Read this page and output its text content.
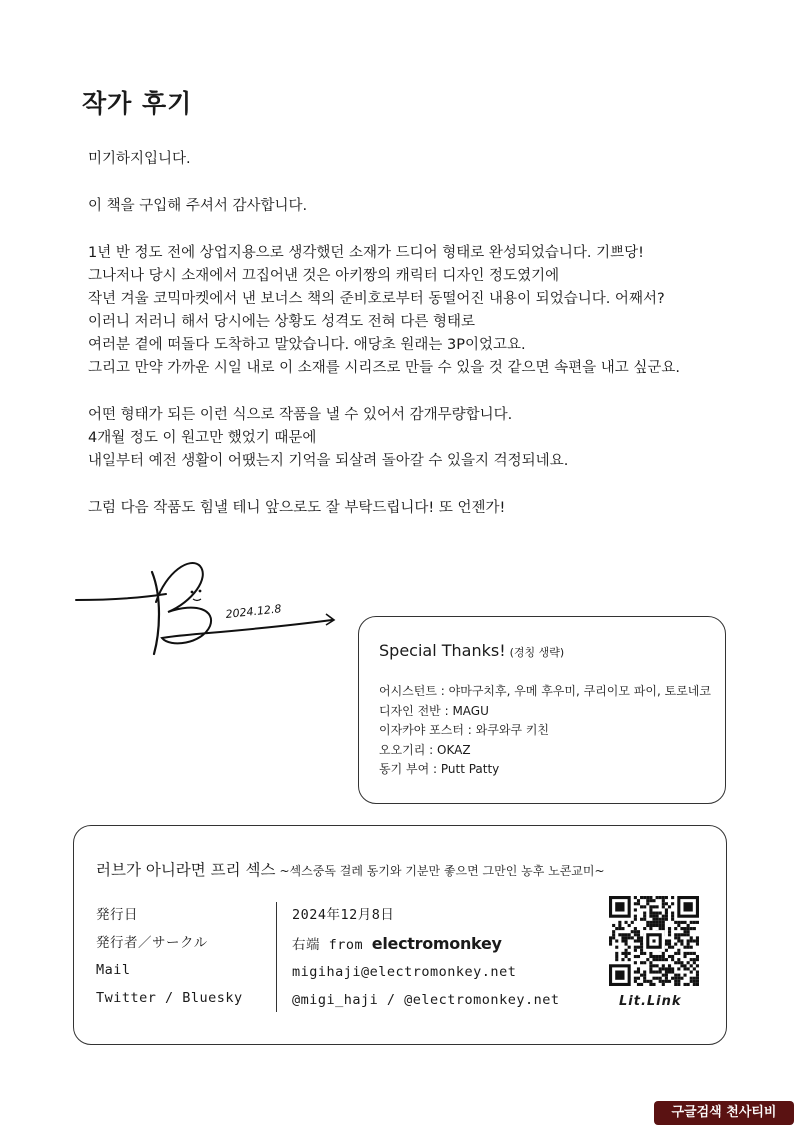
작가 후기
미기하지입니다.
이 책을 구입해 주셔서 감사합니다.
1년 반 정도 전에 상업지용으로 생각했던 소재가 드디어 형태로 완성되었습니다. 기쁘당!
그나저나 당시 소재에서 끄집어낸 것은 아키짱의 캐릭터 디자인 정도였기에
작년 겨울 코믹마켓에서 낸 보너스 책의 준비호로부터 동떨어진 내용이 되었습니다. 어째서?
이러니 저러니 해서 당시에는 상황도 성격도 전혀 다른 형태로
여러분 곁에 떠돌다 도착하고 말았습니다. 애당초 원래는 3P이었고요.
그리고 만약 가까운 시일 내로 이 소재를 시리즈로 만들 수 있을 것 같으면 속편을 내고 싶군요.
어떤 형태가 되든 이런 식으로 작품을 낼 수 있어서 감개무량합니다.
4개월 정도 이 원고만 했었기 때문에
내일부터 예전 생활이 어땠는지 기억을 되살려 돌아갈 수 있을지 걱정되네요.
그럼 다음 작품도 힘낼 테니 앞으로도 잘 부탁드립니다! 또 언젠가!
2024.12.8

Special Thanks! (경칭 생략)

어시스턴트 : 야마구치후, 우메 후우미, 쿠리이모 파이, 토로네코
디자인 전반 : MAGU
이자카야 포스터 : 와쿠와쿠 키친
오오기리 : OKAZ
동기 부여 : Putt Patty
러브가 아니라면 프리 섹스 ~섹스중독 걸레 동기와 기분만 좋으면 그만인 농후 노콘교미~
発行日
発行者／サークル
Mail
Twitter / Bluesky
2024年12月8日
右端 from electromonkey
migihaji@electromonkey.net
@migi_haji / @electromonkey.net	Lit.Link
구글검색 천사티비
